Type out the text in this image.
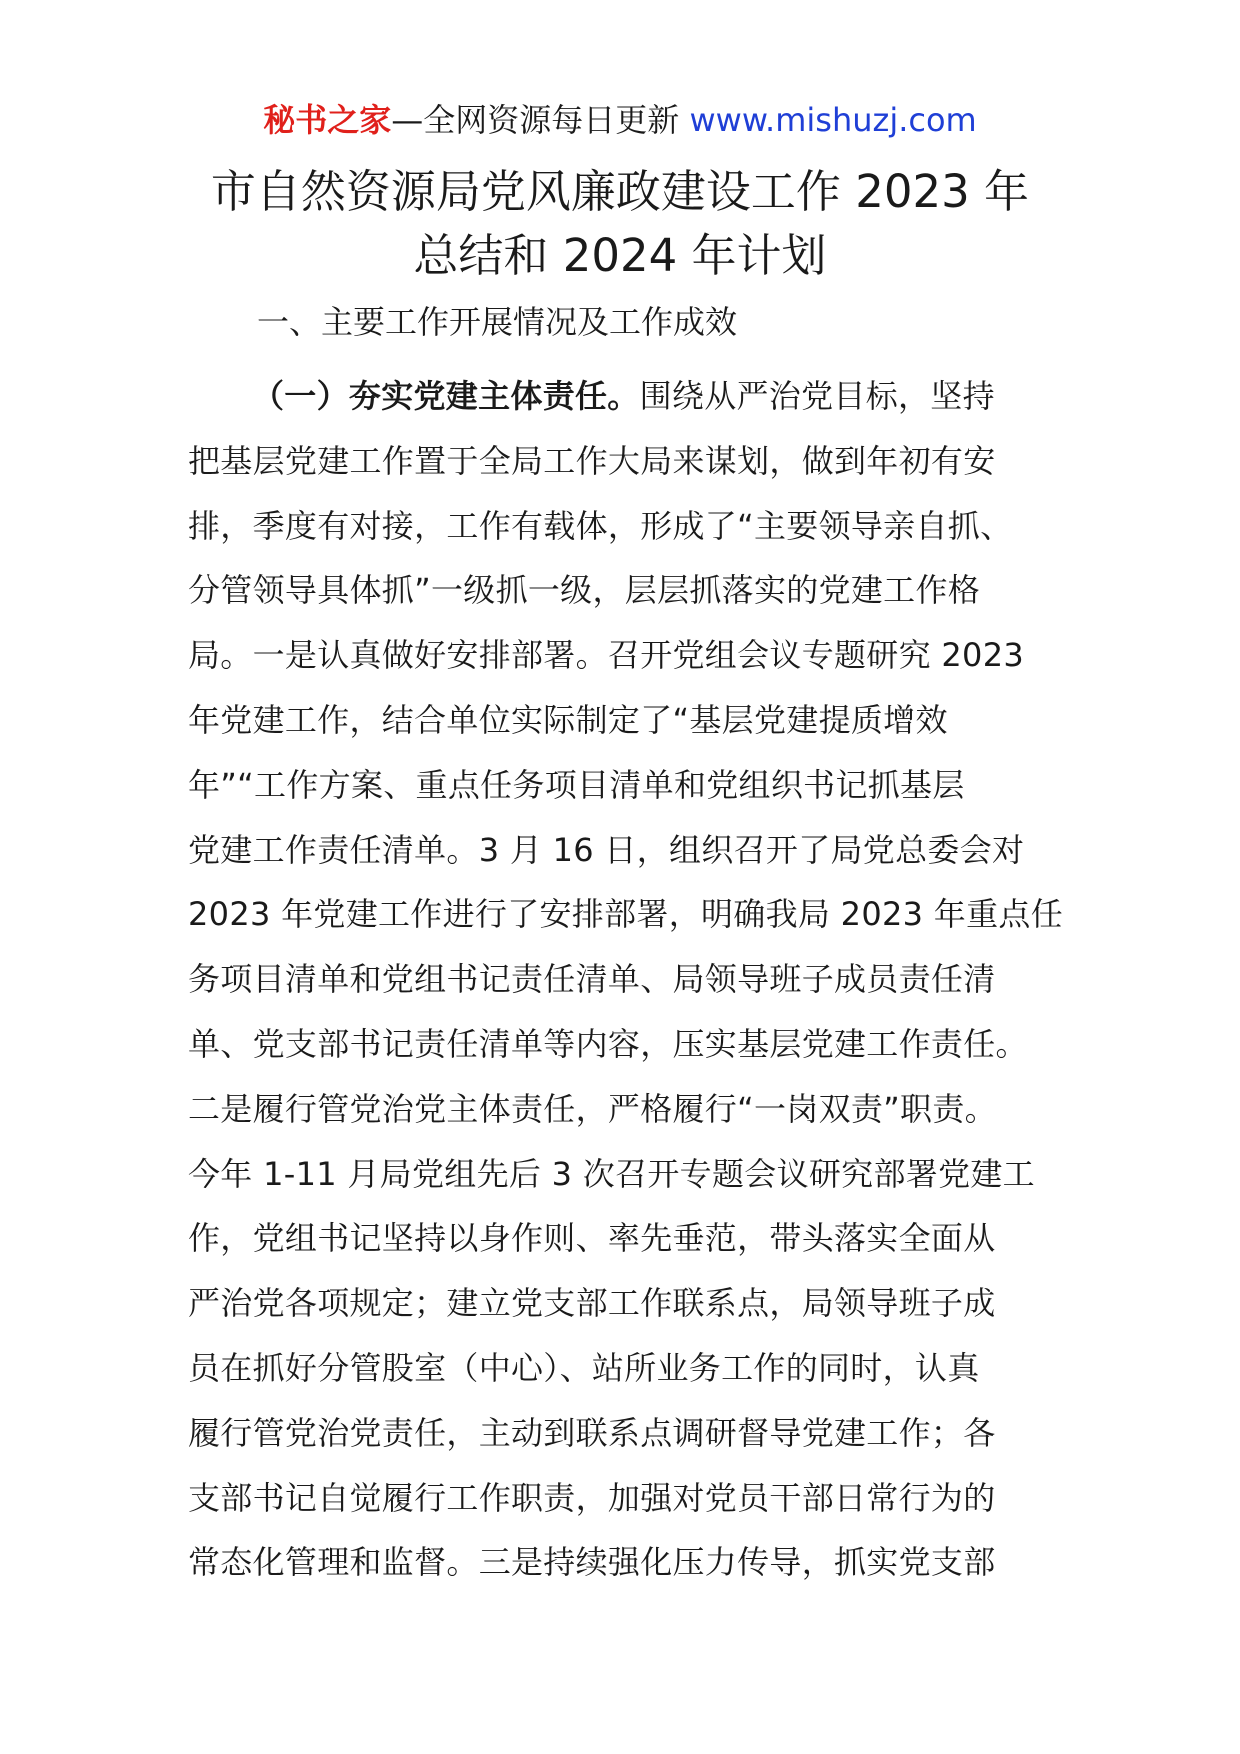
秘书之家—全网资源每日更新 www.mishuzj.com
市自然资源局党风廉政建设工作 2023 年
总结和 2024 年计划
一、主要工作开展情况及工作成效
（一）夯实党建主体责任。围绕从严治党目标，坚持
把基层党建工作置于全局工作大局来谋划，做到年初有安
排，季度有对接，工作有载体，形成了“主要领导亲自抓、
分管领导具体抓”一级抓一级，层层抓落实的党建工作格
局。一是认真做好安排部署。召开党组会议专题研究 2023
年党建工作，结合单位实际制定了“基层党建提质增效
年”“工作方案、重点任务项目清单和党组织书记抓基层
党建工作责任清单。3 月 16 日，组织召开了局党总委会对
2023 年党建工作进行了安排部署，明确我局 2023 年重点任
务项目清单和党组书记责任清单、局领导班子成员责任清
单、党支部书记责任清单等内容，压实基层党建工作责任。
二是履行管党治党主体责任，严格履行“一岗双责”职责。
今年 1-11 月局党组先后 3 次召开专题会议研究部署党建工
作，党组书记坚持以身作则、率先垂范，带头落实全面从
严治党各项规定；建立党支部工作联系点，局领导班子成
员在抓好分管股室（中心）、站所业务工作的同时，认真
履行管党治党责任，主动到联系点调研督导党建工作；各
支部书记自觉履行工作职责，加强对党员干部日常行为的
常态化管理和监督。三是持续强化压力传导，抓实党支部
